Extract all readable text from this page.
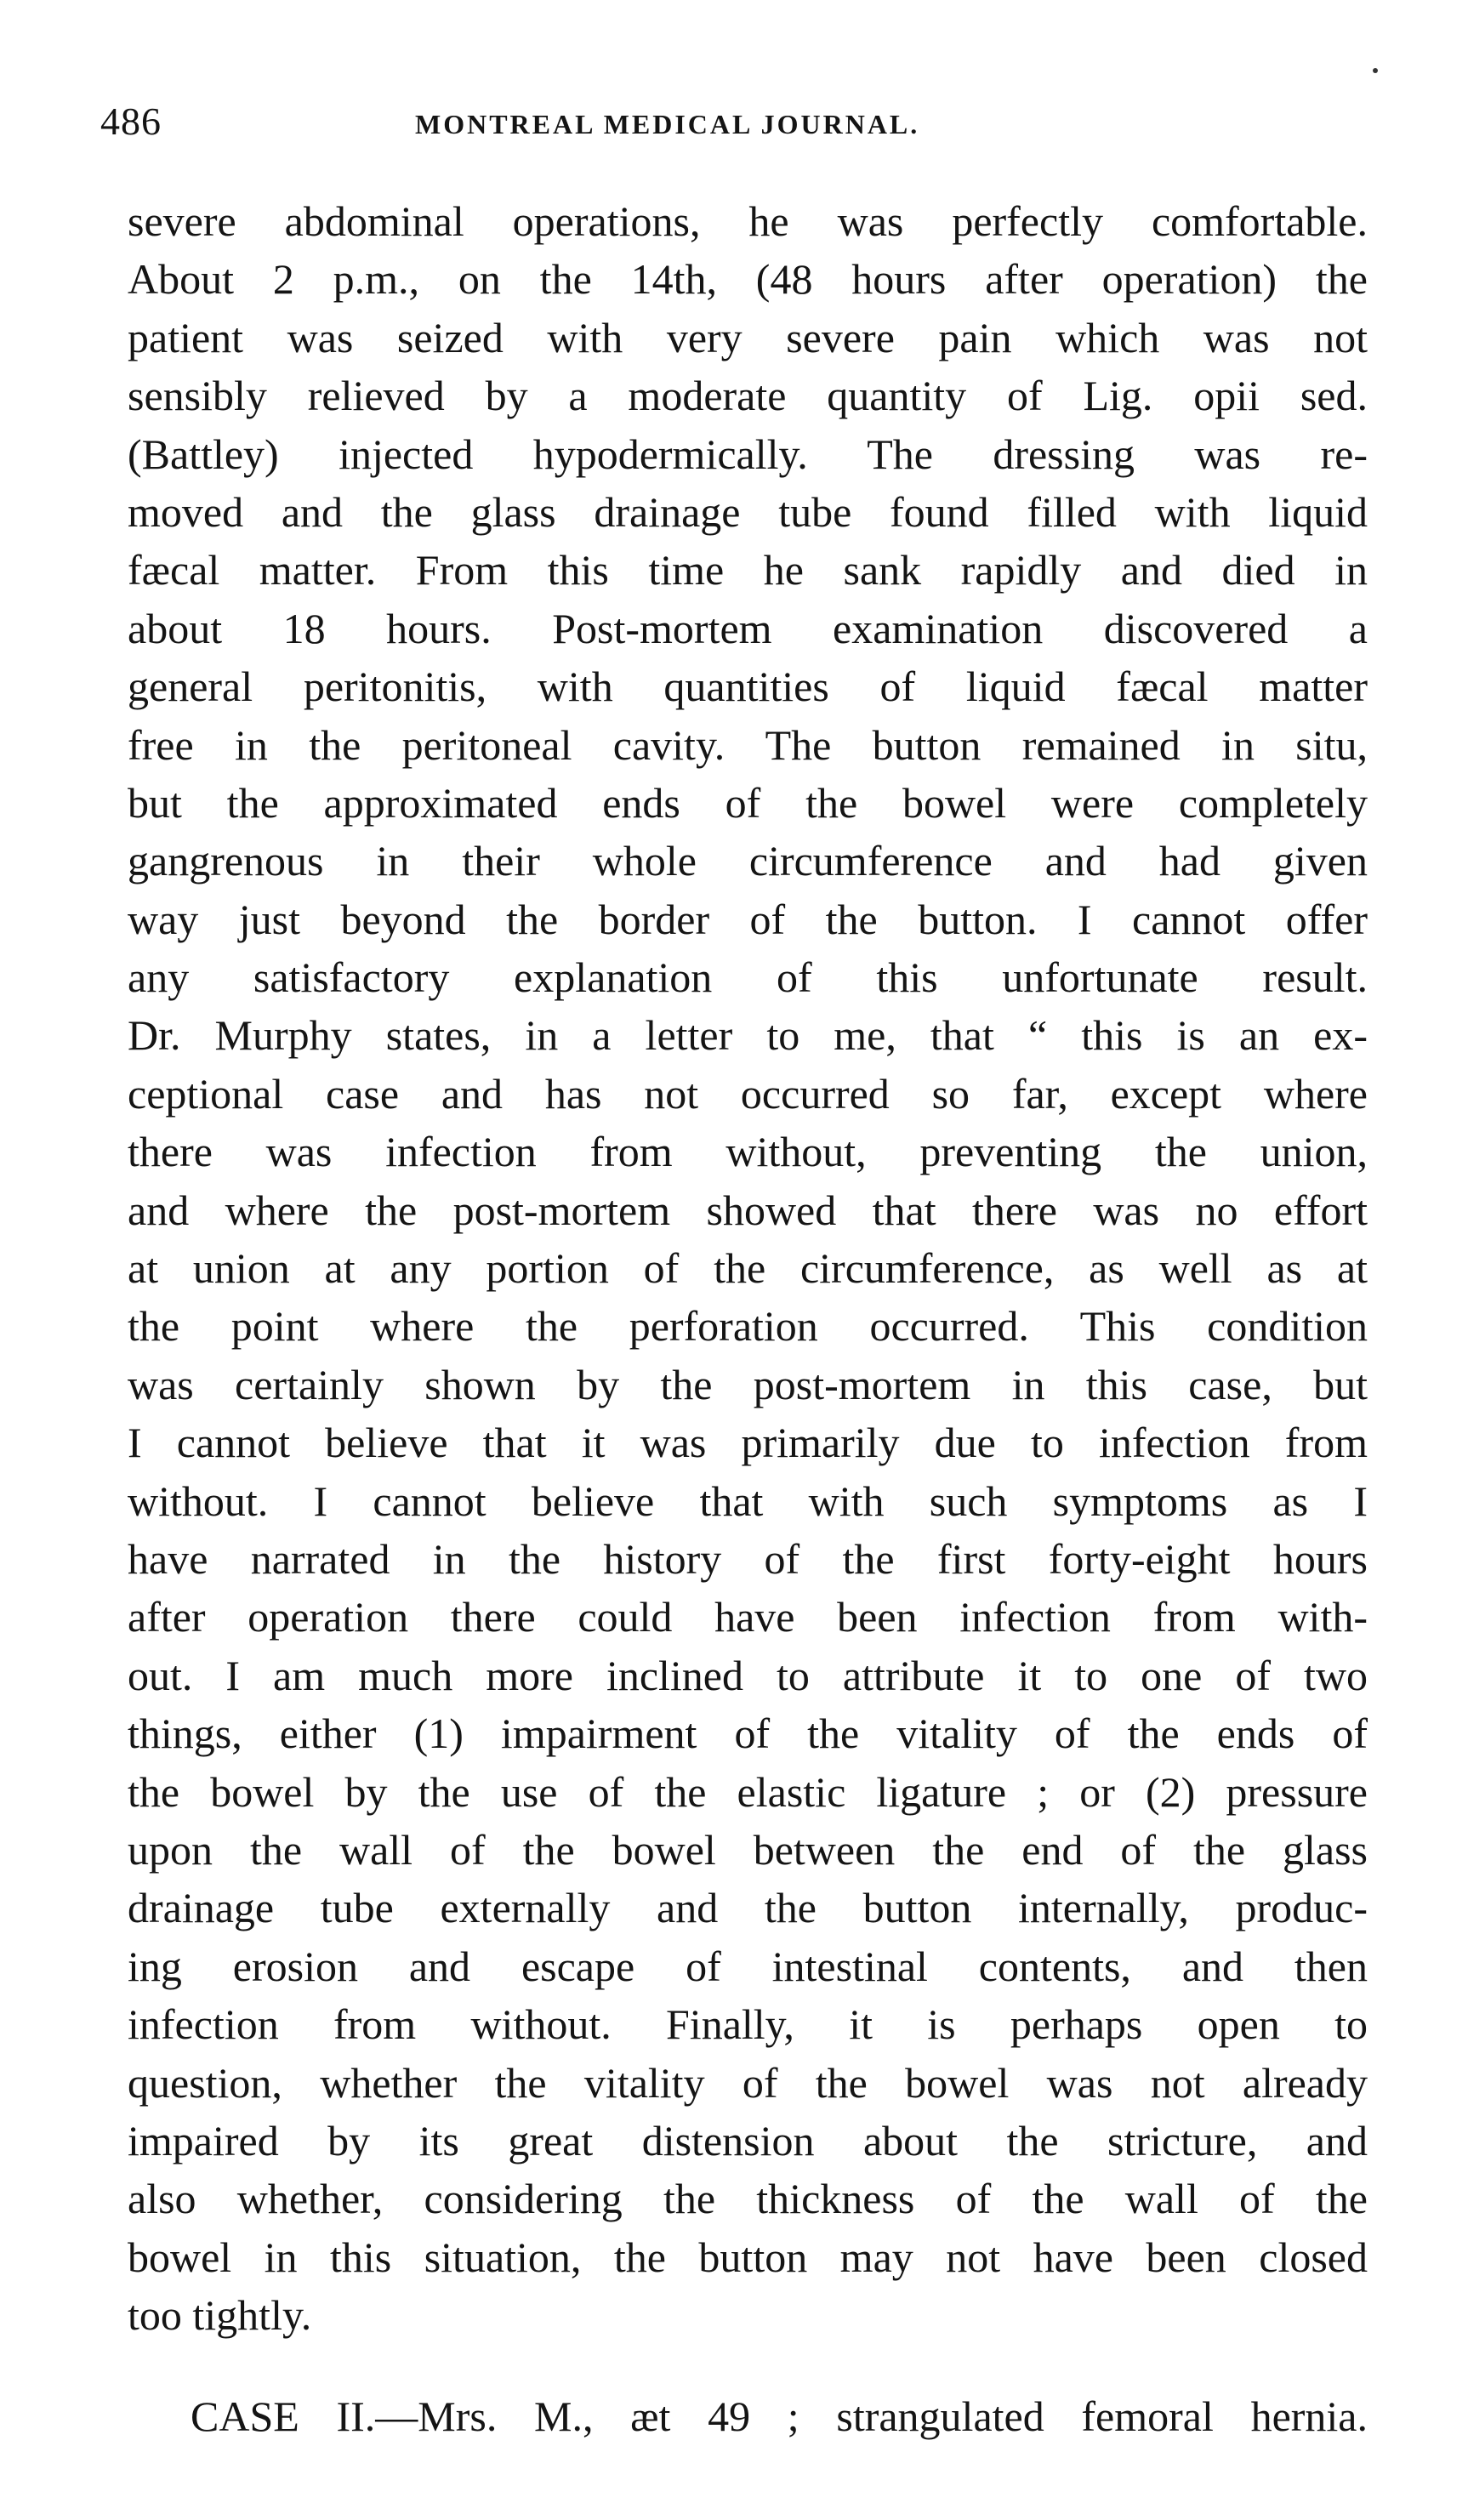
486	MONTREAL MEDICAL JOURNAL.
severe abdominal operations, he was perfectly comfortable.
About 2 p.m., on the 14th, (48 hours after operation) the
patient was seized with very severe pain which was not
sensibly relieved by a moderate quantity of Lig. opii sed.
(Battley) injected hypodermically. The dressing was re-
moved and the glass drainage tube found filled with liquid
fæcal matter. From this time he sank rapidly and died in
about 18 hours. Post-mortem examination discovered a
general peritonitis, with quantities of liquid fæcal matter
free in the peritoneal cavity. The button remained in situ,
but the approximated ends of the bowel were completely
gangrenous in their whole circumference and had given
way just beyond the border of the button. I cannot offer
any satisfactory explanation of this unfortunate result.
Dr. Murphy states, in a letter to me, that “ this is an ex-
ceptional case and has not occurred so far, except where
there was infection from without, preventing the union,
and where the post-mortem showed that there was no effort
at union at any portion of the circumference, as well as at
the point where the perforation occurred. This condition
was certainly shown by the post-mortem in this case, but
I cannot believe that it was primarily due to infection from
without. I cannot believe that with such symptoms as I
have narrated in the history of the first forty-eight hours
after operation there could have been infection from with-
out. I am much more inclined to attribute it to one of two
things, either (1) impairment of the vitality of the ends of
the bowel by the use of the elastic ligature ; or (2) pressure
upon the wall of the bowel between the end of the glass
drainage tube externally and the button internally, produc-
ing erosion and escape of intestinal contents, and then
infection from without. Finally, it is perhaps open to
question, whether the vitality of the bowel was not already
impaired by its great distension about the stricture, and
also whether, considering the thickness of the wall of the
bowel in this situation, the button may not have been closed
too tightly.
CASE II.—Mrs. M., æt 49 ; strangulated femoral hernia.
